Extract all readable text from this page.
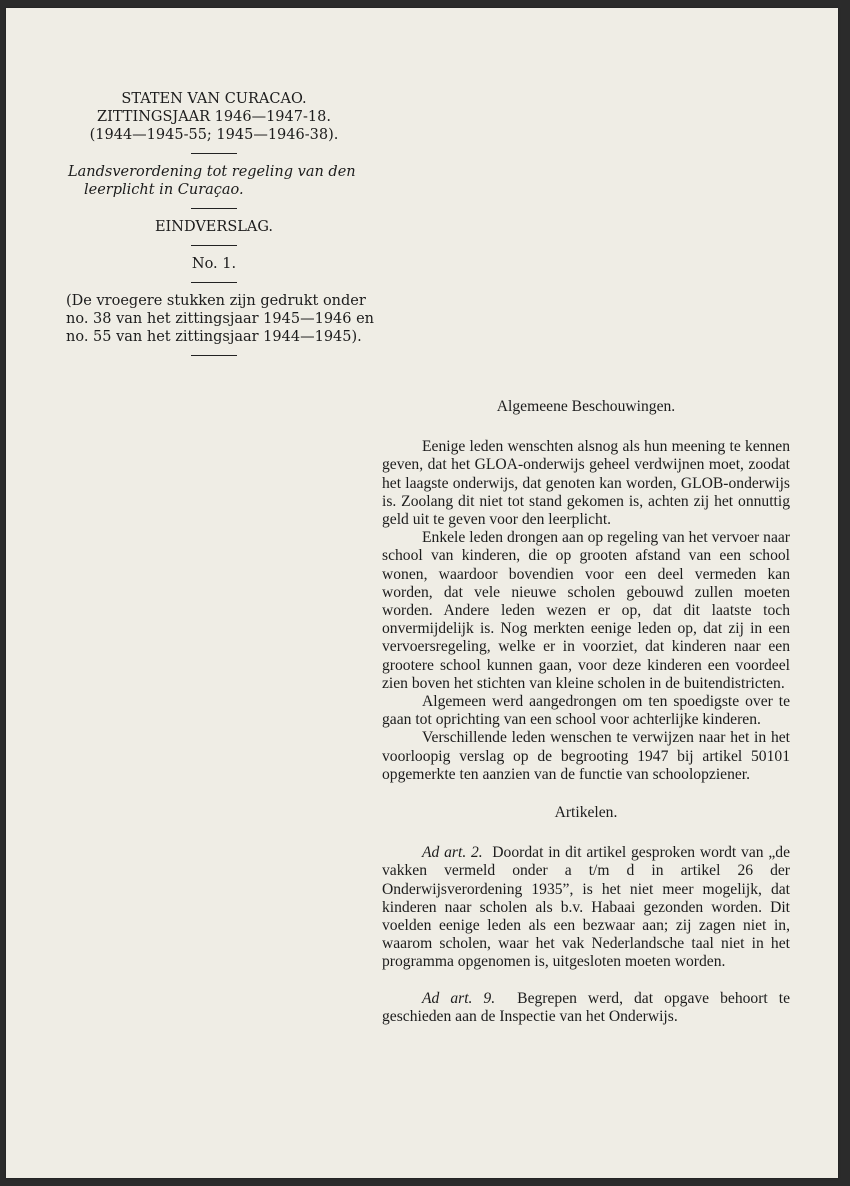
STATEN VAN CURACAO.
ZITTINGSJAAR 1946—1947-18.
(1944—1945-55; 1945—1946-38).
Landsverordening tot regeling van den
leerplicht in Curaçao.
EINDVERSLAG.
No. 1.
(De vroegere stukken zijn gedrukt onder
no. 38 van het zittingsjaar 1945—1946 en
no. 55 van het zittingsjaar 1944—1945).

Algemeene Beschouwingen.

Eenige leden wenschten alsnog als hun meening te kennen geven, dat het GLOA-onderwijs geheel verdwijnen moet, zoodat het laagste onderwijs, dat genoten kan worden, GLOB-onderwijs is. Zoolang dit niet tot stand gekomen is, achten zij het onnuttig geld uit te geven voor den leerplicht.

Enkele leden drongen aan op regeling van het vervoer naar school van kinderen, die op grooten afstand van een school wonen, waardoor bovendien voor een deel vermeden kan worden, dat vele nieuwe scholen gebouwd zullen moeten worden. Andere leden wezen er op, dat dit laatste toch onvermijdelijk is. Nog merkten eenige leden op, dat zij in een vervoersregeling, welke er in voorziet, dat kinderen naar een grootere school kunnen gaan, voor deze kinderen een voordeel zien boven het stichten van kleine scholen in de buitendistricten.

Algemeen werd aangedrongen om ten spoedigste over te gaan tot oprichting van een school voor achterlijke kinderen.

Verschillende leden wenschen te verwijzen naar het in het voorloopig verslag op de begrooting 1947 bij artikel 50101 opgemerkte ten aanzien van de functie van schoolopziener.

Artikelen.

Ad art. 2. Doordat in dit artikel gesproken wordt van „de vakken vermeld onder a t/m d in artikel 26 der Onderwijsverordening 1935”, is het niet meer mogelijk, dat kinderen naar scholen als b.v. Habaai gezonden worden. Dit voelden eenige leden als een bezwaar aan; zij zagen niet in, waarom scholen, waar het vak Nederlandsche taal niet in het programma opgenomen is, uitgesloten moeten worden.

Ad art. 9. Begrepen werd, dat opgave behoort te geschieden aan de Inspectie van het Onderwijs.
